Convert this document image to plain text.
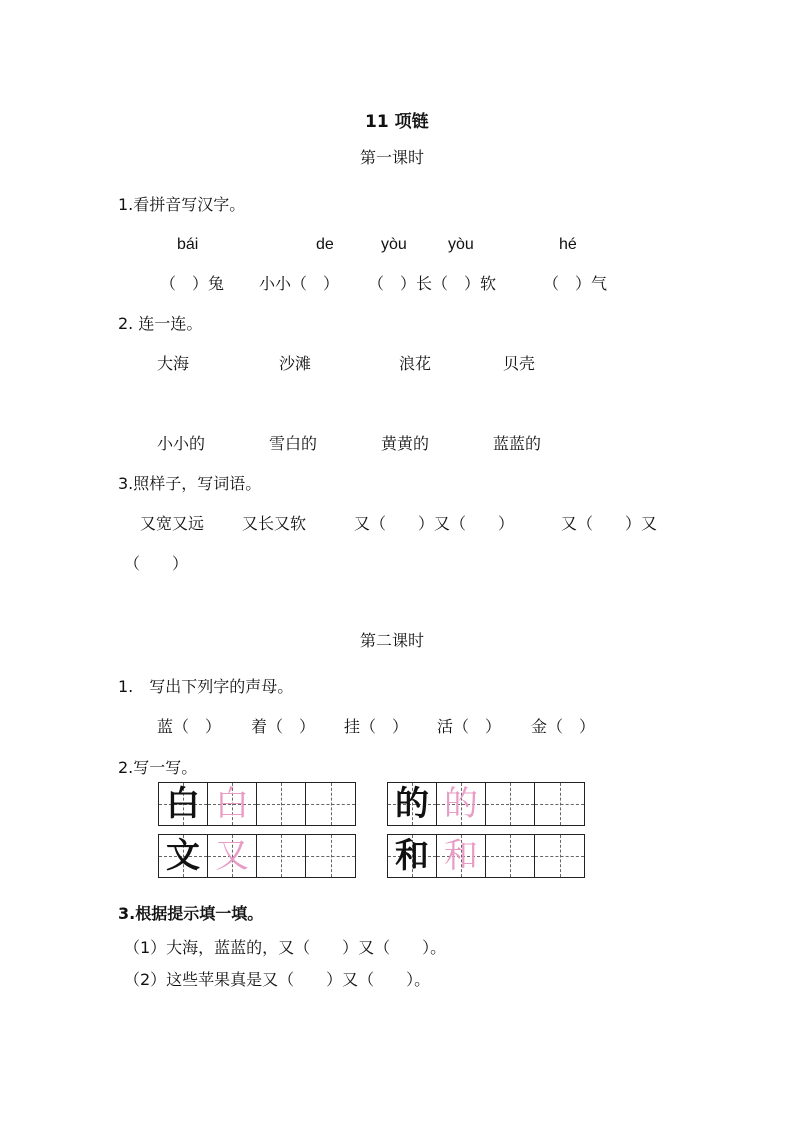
11 项链
第一课时
1.看拼音写汉字。
bái	de	yòu	yòu	hé
（　）兔 小小（　） （　）长（　）软	（　）气
2. 连一连。
大海	沙滩	浪花	贝壳
小小的	雪白的	黄黄的	蓝蓝的
3.照样子，写词语。
又宽又远 又长又软	又（　　）又（　　）	又（　　）又
（　　）
第二课时
1.　写出下列字的声母。
蓝（　） 着（　） 挂（　） 活（　） 金（　）
2.写一写。
白 白	的 的
文 又	和 和
3.根据提示填一填。
（1）大海，蓝蓝的，又（　　）又（　　）。
（2）这些苹果真是又（　　）又（　　）。
